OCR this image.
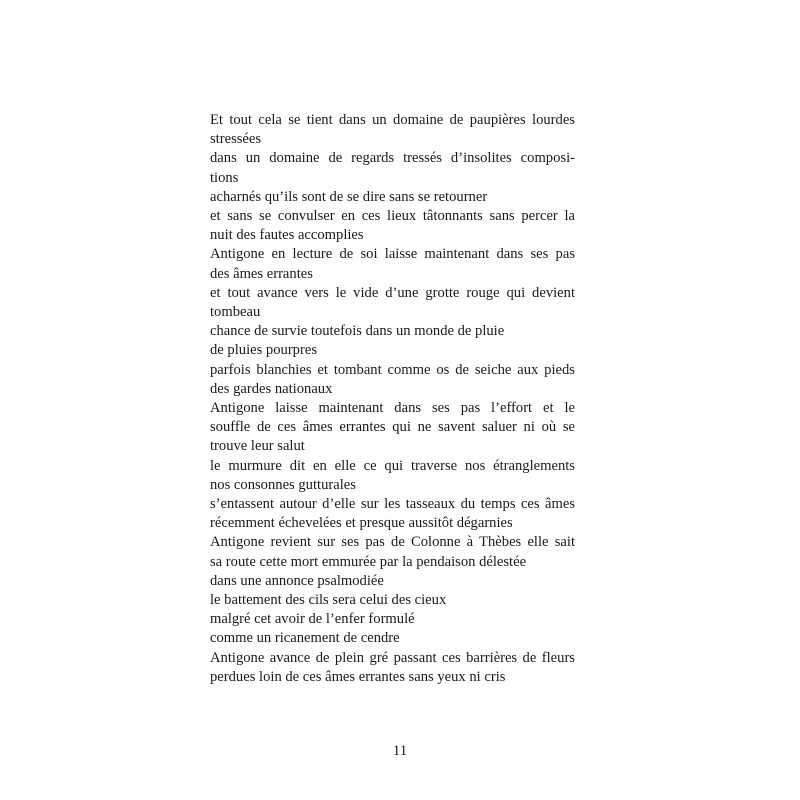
Et tout cela se tient dans un domaine de paupières lourdes
stressées
dans un domaine de regards tressés d’insolites composi-
tions
acharnés qu’ils sont de se dire sans se retourner
et sans se convulser en ces lieux tâtonnants sans percer la
nuit des fautes accomplies
Antigone en lecture de soi laisse maintenant dans ses pas
des âmes errantes
et tout avance vers le vide d’une grotte rouge qui devient
tombeau
chance de survie toutefois dans un monde de pluie
de pluies pourpres
parfois blanchies et tombant comme os de seiche aux pieds
des gardes nationaux
Antigone laisse maintenant dans ses pas l’effort et le
souffle de ces âmes errantes qui ne savent saluer ni où se
trouve leur salut
le murmure dit en elle ce qui traverse nos étranglements
nos consonnes gutturales
s’entassent autour d’elle sur les tasseaux du temps ces âmes
récemment échevelées et presque aussitôt dégarnies
Antigone revient sur ses pas de Colonne à Thèbes elle sait
sa route cette mort emmurée par la pendaison délestée
dans une annonce psalmodiée
le battement des cils sera celui des cieux
malgré cet avoir de l’enfer formulé
comme un ricanement de cendre
Antigone avance de plein gré passant ces barrières de fleurs
perdues loin de ces âmes errantes sans yeux ni cris
11
